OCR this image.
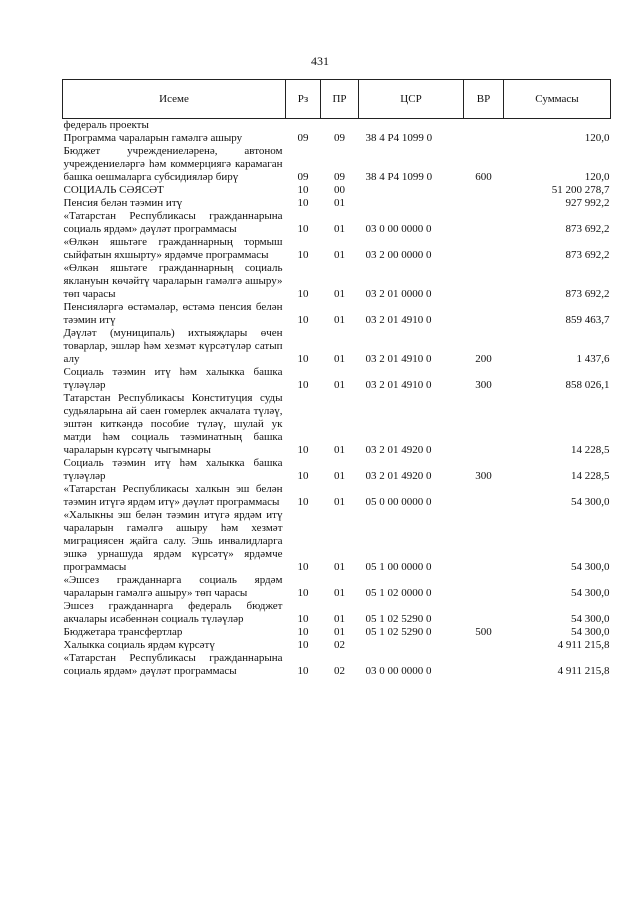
431
Исеме	Рз	ПР	ЦСР	ВР	Суммасы
федераль проекты					
Программа чараларын гамәлгә ашыру	09	09	38 4 P4 1099 0		120,0
Бюджет учреждениеләренә, автоном учреждениеләргә һәм коммерциягә карамаган башка оешмаларга субсидияләр бирү	09	09	38 4 P4 1099 0	600	120,0
СОЦИАЛЬ СӘЯСӘТ	10	00			51 200 278,7
Пенсия белән тәэмин итү	10	01			927 992,2
«Татарстан Республикасы гражданнарына социаль ярдәм» дәүләт программасы	10	01	03 0 00 0000 0		873 692,2
«Өлкән яшьтәге гражданнарның тормыш сыйфатын яхшырту» ярдәмче программасы	10	01	03 2 00 0000 0		873 692,2
«Өлкән яшьтәге гражданнарның социаль яклануын көчәйтү чараларын гамәлгә ашыру» төп чарасы	10	01	03 2 01 0000 0		873 692,2
Пенсияләргә өстәмәләр, өстәмә пенсия белән тәэмин итү	10	01	03 2 01 4910 0		859 463,7
Дәүләт (муниципаль) ихтыяҗлары өчен товарлар, эшләр һәм хезмәт күрсәтүләр сатып алу	10	01	03 2 01 4910 0	200	1 437,6
Социаль тәэмин итү һәм халыкка башка түләүләр	10	01	03 2 01 4910 0	300	858 026,1
Татарстан Республикасы Конституция суды судьяларына ай саен гомерлек акчалата түләү, эштән киткәндә пособие түләү, шулай ук матди һәм социаль тәэминатның башка чараларын күрсәтү чыгымнары	10	01	03 2 01 4920 0		14 228,5
Социаль тәэмин итү һәм халыкка башка түләүләр	10	01	03 2 01 4920 0	300	14 228,5
«Татарстан Республикасы халкын эш белән тәэмин итүгә ярдәм итү» дәүләт программасы	10	01	05 0 00 0000 0		54 300,0
«Халыкны эш белән тәэмин итүгә ярдәм итү чараларын гамәлгә ашыру һәм хезмәт миграциясен җайга салу. Эшь инвалидларга эшкә урнашуда ярдәм күрсәтү» ярдәмче программасы	10	01	05 1 00 0000 0		54 300,0
«Эшсез гражданнарга социаль ярдәм чараларын гамәлгә ашыру» төп чарасы	10	01	05 1 02 0000 0		54 300,0
Эшсез гражданнарга федераль бюджет акчалары исәбеннән социаль түләүләр	10	01	05 1 02 5290 0		54 300,0
Бюджетара трансфертлар	10	01	05 1 02 5290 0	500	54 300,0
Халыкка социаль ярдәм күрсәтү	10	02			4 911 215,8
«Татарстан Республикасы гражданнарына социаль ярдәм» дәүләт программасы	10	02	03 0 00 0000 0		4 911 215,8
